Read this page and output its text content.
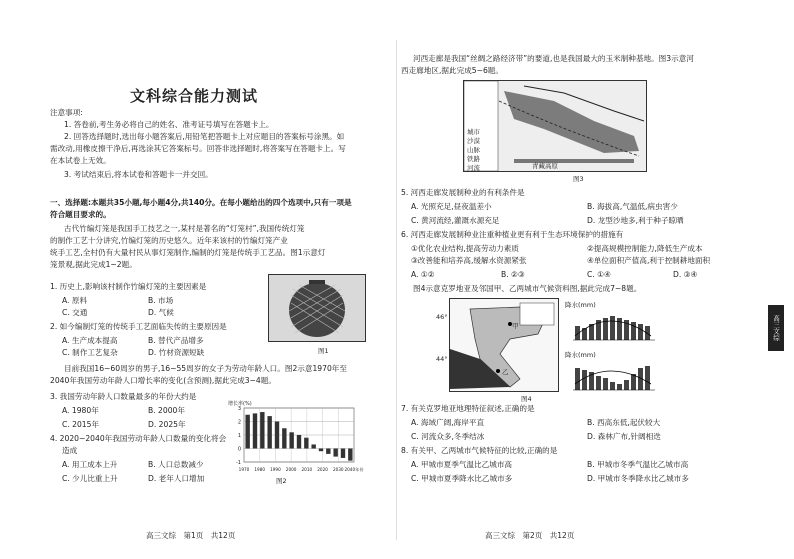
文科综合能力测试
注意事项:
1. 答卷前,考生务必将自己的姓名、准考证号填写在答题卡上。
2. 回答选择题时,选出每小题答案后,用铅笔把答题卡上对应题目的答案标号涂黑。如
需改动,用橡皮擦干净后,再选涂其它答案标号。回答非选择题时,将答案写在答题卡上。写
在本试卷上无效。
3. 考试结束后,将本试卷和答题卡一并交回。
一、选择题:本题共35小题,每小题4分,共140分。在每小题给出的四个选项中,只有一项是
符合题目要求的。
古代竹编灯笼是我国手工技艺之一,某村是著名的“灯笼村”,我国传统灯笼
的制作工艺十分讲究,竹编灯笼的历史悠久。近年来该村的竹编灯笼产业
统手工艺,全村仍有大量村民从事灯笼制作,编制的灯笼是传统手工艺品。图1示意灯
笼景观,据此完成1~2题。
1. 历史上,影响该村制作竹编灯笼的主要因素是
A. 原料	B. 市场
C. 交通	D. 气候
2. 如今编制灯笼的传统手工艺面临失传的主要原因是
A. 生产成本提高	B. 替代产品增多
C. 制作工艺复杂	D. 竹材资源短缺	图1
目前我国16~60周岁的男子,16~55周岁的女子为劳动年龄人口。图2示意1970年至
2040年我国劳动年龄人口增长率的变化(含预测),据此完成3~4题。
3. 我国劳动年龄人口数量最多的年份大约是
A. 1980年	B. 2000年
C. 2015年	D. 2025年
4. 2020~2040年我国劳动年龄人口数量的变化将会
造成
A. 用工成本上升	B. 人口总数减少
C. 少儿比重上升	D. 老年人口增加
3
2
1
0
-1
1970 1980 1990 2000 2010 2020 2030 2040年份
增长率(%)
图2
高三文综　第1页　共12页
河西走廊是我国“丝绸之路经济带”的要道,也是我国最大的玉米制种基地。图3示意河
西走廊地区,据此完成5~6题。
城市
沙漠
山脉
铁路
河流	青藏高原
图3
5. 河西走廊发展制种业的有利条件是
A. 光照充足,昼夜温差小	B. 海拔高,气温低,病虫害少
C. 黄河流经,灌溉水源充足	D. 龙型沙地多,利于种子晾晒
6. 河西走廊发展制种业注重种植业更有利于生态环境保护的措施有
①优化农业结构,提高劳动力素质	②提高规模控制能力,降低生产成本
③改善能和培养高,缓解水资源紧张	④单位面积产值高,利于控制耕地面积
A. ①②	B. ②③	C. ①④	D. ③④
图4示意克罗地亚及邻国甲、乙两城市气候资料图,据此完成7~8题。
46°
44°
甲
乙
图4
降水(mm)
降水(mm)
7. 有关克罗地亚地理特征叙述,正确的是
A. 海域广阔,海岸平直	B. 西高东低,起伏较大
C. 河流众多,冬季结冰	D. 森林广布,针阔相迭
8. 有关甲、乙两城市气候特征的比较,正确的是
A. 甲城市夏季气温比乙城市高	B. 甲城市冬季气温比乙城市高
C. 甲城市夏季降水比乙城市多	D. 甲城市冬季降水比乙城市多
高三文综　第2页　共12页
高三文综
